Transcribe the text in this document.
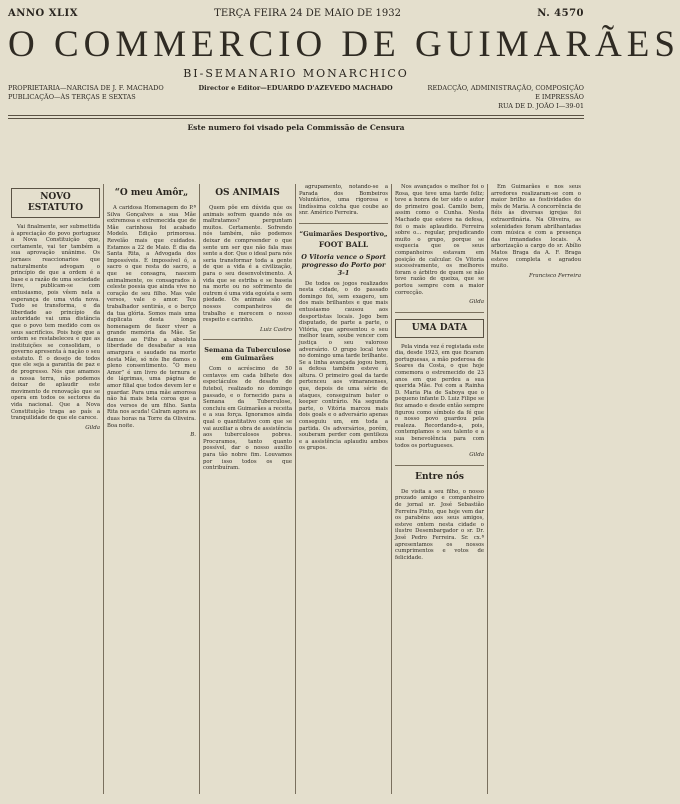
ANNO XLIX	TERÇA FEIRA 24 DE MAIO DE 1932	N. 4570
O COMMERCIO DE GUIMARÃES
BI-SEMANARIO MONARCHICO
PROPRIETARIA—NARCISA DE J. F. MACHADO
PUBLICAÇÃO—ÀS TERÇAS E SEXTAS
Director e Editor—EDUARDO D'AZEVEDO MACHADO	REDACÇÃO, ADMINISTRAÇÃO, COMPOSIÇÃO
E IMPRESSÃO
RUA DE D. JOÃO I—39-01
Este numero foi visado pela Commissão de Censura
NOVO ESTATUTO

Vai finalmente, ser submettida à apreciação do povo portuguez a Nova Constituição que, certamente, vai ter também a sua aprovação unânime. Os jornaes reaccionarios que naturalmente advogam o princípio de que a ordem é a base e a razão de uma sociedade livre, publicam-se com entusiasmo, pois vêem nela a esperança de uma vida nova. Tudo se transforma, e da liberdade ao princípio da autoridade vai uma distância que o povo tem medido com os seus sacrifícios. Pois hoje que a ordem se restabeleceu e que as instituições se consolidam, o governo apresenta à nação o seu estatuto. É o desejo de todos que ele seja a garantia de paz e de progresso. Nós que amamos a nossa terra, não podemos deixar de aplaudir este movimento de renovação que se opera em todos os sectores da vida nacional. Que a Nova Constituição traga ao país a tranquilidade de que ele carece.

Gilda
“O meu Amôr„

A caridosa Homenagem do P.ª Silva Gonçalves a sua Mãe extremosa e extremecida que de Mãe carinhosa foi acabado Modelo. Edição primorosa. Revelão mais que cuidados. Estamos a 22 de Maio. É dia da Santa Rita, a Advogada dos Impossíveis. É impossível ó, a sacro o que resta do sacro, a que se consagra, nascem animalmente, os consagrados à celeste poesia que ainda vive no coração de seu filho. Mas vale versos, vale o amor. Teu trabalhador sentirás, e o berço da tua glória. Somos mais uma duplicata desta longa homenagem de fazer viver a grande memória da Mãe. Se damos ao Filho a absoluta liberdade de desabafar a sua amargura e saudade na morte desta Mãe, só nós lhe damos o pleno consentimento. “O meu Amor” é um livro de ternura e de lágrimas, uma página de amor filial que todos devem ler e guardar. Para uma mãe amorosa não há mais bela coroa que a dos versos de um filho. Santa Rita nos acuda! Calram agora as duas horas na Torre da Oliveira. Boa noite.

B.
OS ANIMAIS

Quem pôe em dúvida que os animais sofrem quando nós os maltratamos? perguntam muitos. Certamente. Sofrendo nós também, não podemos deixar de compreender o que sente um ser que não fala mas sente a dor. Que o ideal para nós seria transformar toda a gente de que a vida é a civilização, para o seu desenvolvimento. A vida que se estriba e se baseia na morte ou no sofrimento de outrem é uma vida egoísta e sem piedade. Os animais são os nossos companheiros de trabalho e merecem o nosso respeito e carinho.

Luiz Castro
Semana da Tuberculose em Guimarães

Com o acréscimo de 50 centavos em cada bilhete dos espectáculos de desafio de futebol, realizado no domingo passado, e o fornecido para a Semana da Tuberculose, concluiu em Guimarães a receita e a sua força. Ignoramos ainda qual o quantitativo com que se vai auxiliar a obra de assistência aos tuberculosos pobres. Procuramos, tanto quanto possível, dar o nosso auxílio para tão nobre fim. Louvamos por isso todos os que contribuíram.

agrupamento, notando-se a Parada dos Bombeiros Voluntários, uma rigorosa e lindíssima colcha que coube ao snr. Américo Ferreira.

“Guimarães Desportivo„
FOOT BALL
O Vitoria vence o Sport progresso do Porto por 3-1

De todos os jogos realizados nesta cidade, o do passado domingo foi, sem exagero, um dos mais brilhantes e que mais entusiasmo causou aos desportistas locais. Jogo bem disputado, de parte a parte, o Vitória, que apresentou o seu melhor team, soube vencer com justiça o seu valoroso adversário. O grupo local teve no domingo uma tarde brilhante. Se a linha avançada jogou bem, a defesa também esteve à altura. O primeiro goal da tarde pertenceu aos vimaranenses, que, depois de uma série de ataques, conseguiram bater o keeper contrário. Na segunda parte, o Vitória marcou mais dois goals e o adversário apenas conseguiu um, em toda a partida. Os adversários, porém, souberam perder com gentileza e a assistência aplaudiu ambos os grupos.

Nos avançados o melhor foi o Rosa, que teve uma tarde feliz; teve a honra de ter sido o autor do primeiro goal. Camilo bem, assim como o Cunha. Nesta Machado que esteve na defesa, foi o mais aplaudido. Ferreira sobre o... regular, prejudicando muito o grupo, porque se esquecia que os seus companheiros estavam em posição de calcular. Os Vitoria sucessivamente, os melhores foram o árbitro de quem se não teve razão de queixa, que se portou sempre com a maior correcção.

Gilda
UMA DATA

Pela vinda vez é registada este dia, desde 1923, em que ficaram portuguesas, a mão poderosa de Soares da Costa, o que hoje comemora o estremecido de 23 anos em que perdeu a sua querida Mãe. Foi com a Rainha D. Maria Pia de Saboya que o pequeno infante D. Luiz Filipe se fez amado e desde então sempre figurou como símbolo da fé que o nosso povo guardou pela realeza. Recordando-a, pois, contemplamos o seu talento e a sua benevolência para com todos os portugueses.

Gilda
Entre nós

De visita a seu filho, o nosso prezado amigo e companheiro de jornal sr. José Sebastião Ferreira Pinto, que hoje vem dar os parabéns aos seus amigos, esteve ontem nesta cidade o ilustre Desembargador o sr. Dr. José Pedro Ferreira. Sr. cx.ª apresentamos os nossos cumprimentos e votos de felicidade.

Em Guimarães e nos seus arredores realizaram-se com o maior brilho as festividades do mês de Maria. A concorrência de fiéis às diversas igrejas foi extraordinária. Na Oliveira, as solenidades foram abrilhantadas com música e com a presença das irmandades locais. A arborização a cargo do sr. Abílio Matos Braga da A. F. Braga esteve completa e agradou muito.

Francisco Ferreira
